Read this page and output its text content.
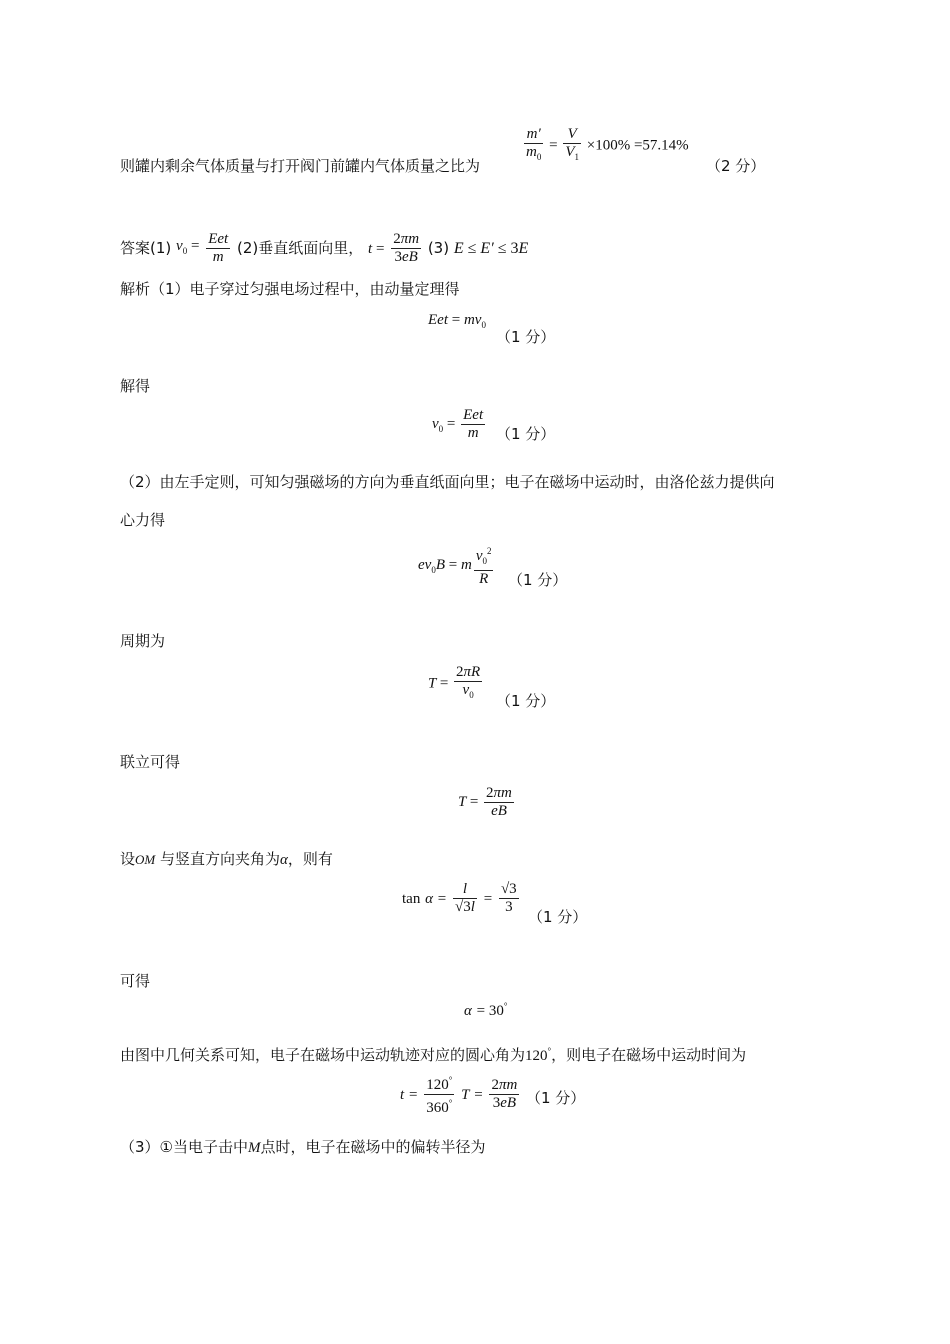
则罐内剩余气体质量与打开阀门前罐内气体质量之比为	$\frac{m'}{m_0} = \frac{V}{V_1} \times 100\% =57.14\%$
（2 分）
答案(1) $v_0 = \frac{\text{Eet}}{m} (2)$垂直纸面向里， $t = \frac{2\pi m}{3eB} (3) E \le E' \le 3E$
解析（1）电子穿过匀强电场过程中，由动量定理得
Eet = $mv_0$
（1 分）
解得
$v_0 = \frac{\text{Eet}}{m} (1$ 分）
（2）由左手定则，可知匀强磁场的方向为垂直纸面向里；电子在磁场中运动时，由洛伦兹力提供向
心力得
$ev_0B = m \frac{v_0^2}{R} (1$ 分）
周期为
$T = \frac{2\pi R}{v_0} (1$ 分）
联立可得
$T = \frac{2\pi m}{eB}$
设OM 与竖直方向夹角为α，则有
$\tan \alpha = \frac{l}{√3l} = \frac{√3}{3}$
（1 分）
可得
α = 30°
由图中几何关系可知，电子在磁场中运动轨迹对应的圆心角为120°，则电子在磁场中运动时间为
$t = \frac{120^\circ}{360^\circ}$ $T = \frac{2\pi m}{3eB} (1$ 分）
（3）①当电子击中M点时，电子在磁场中的偏转半径为
